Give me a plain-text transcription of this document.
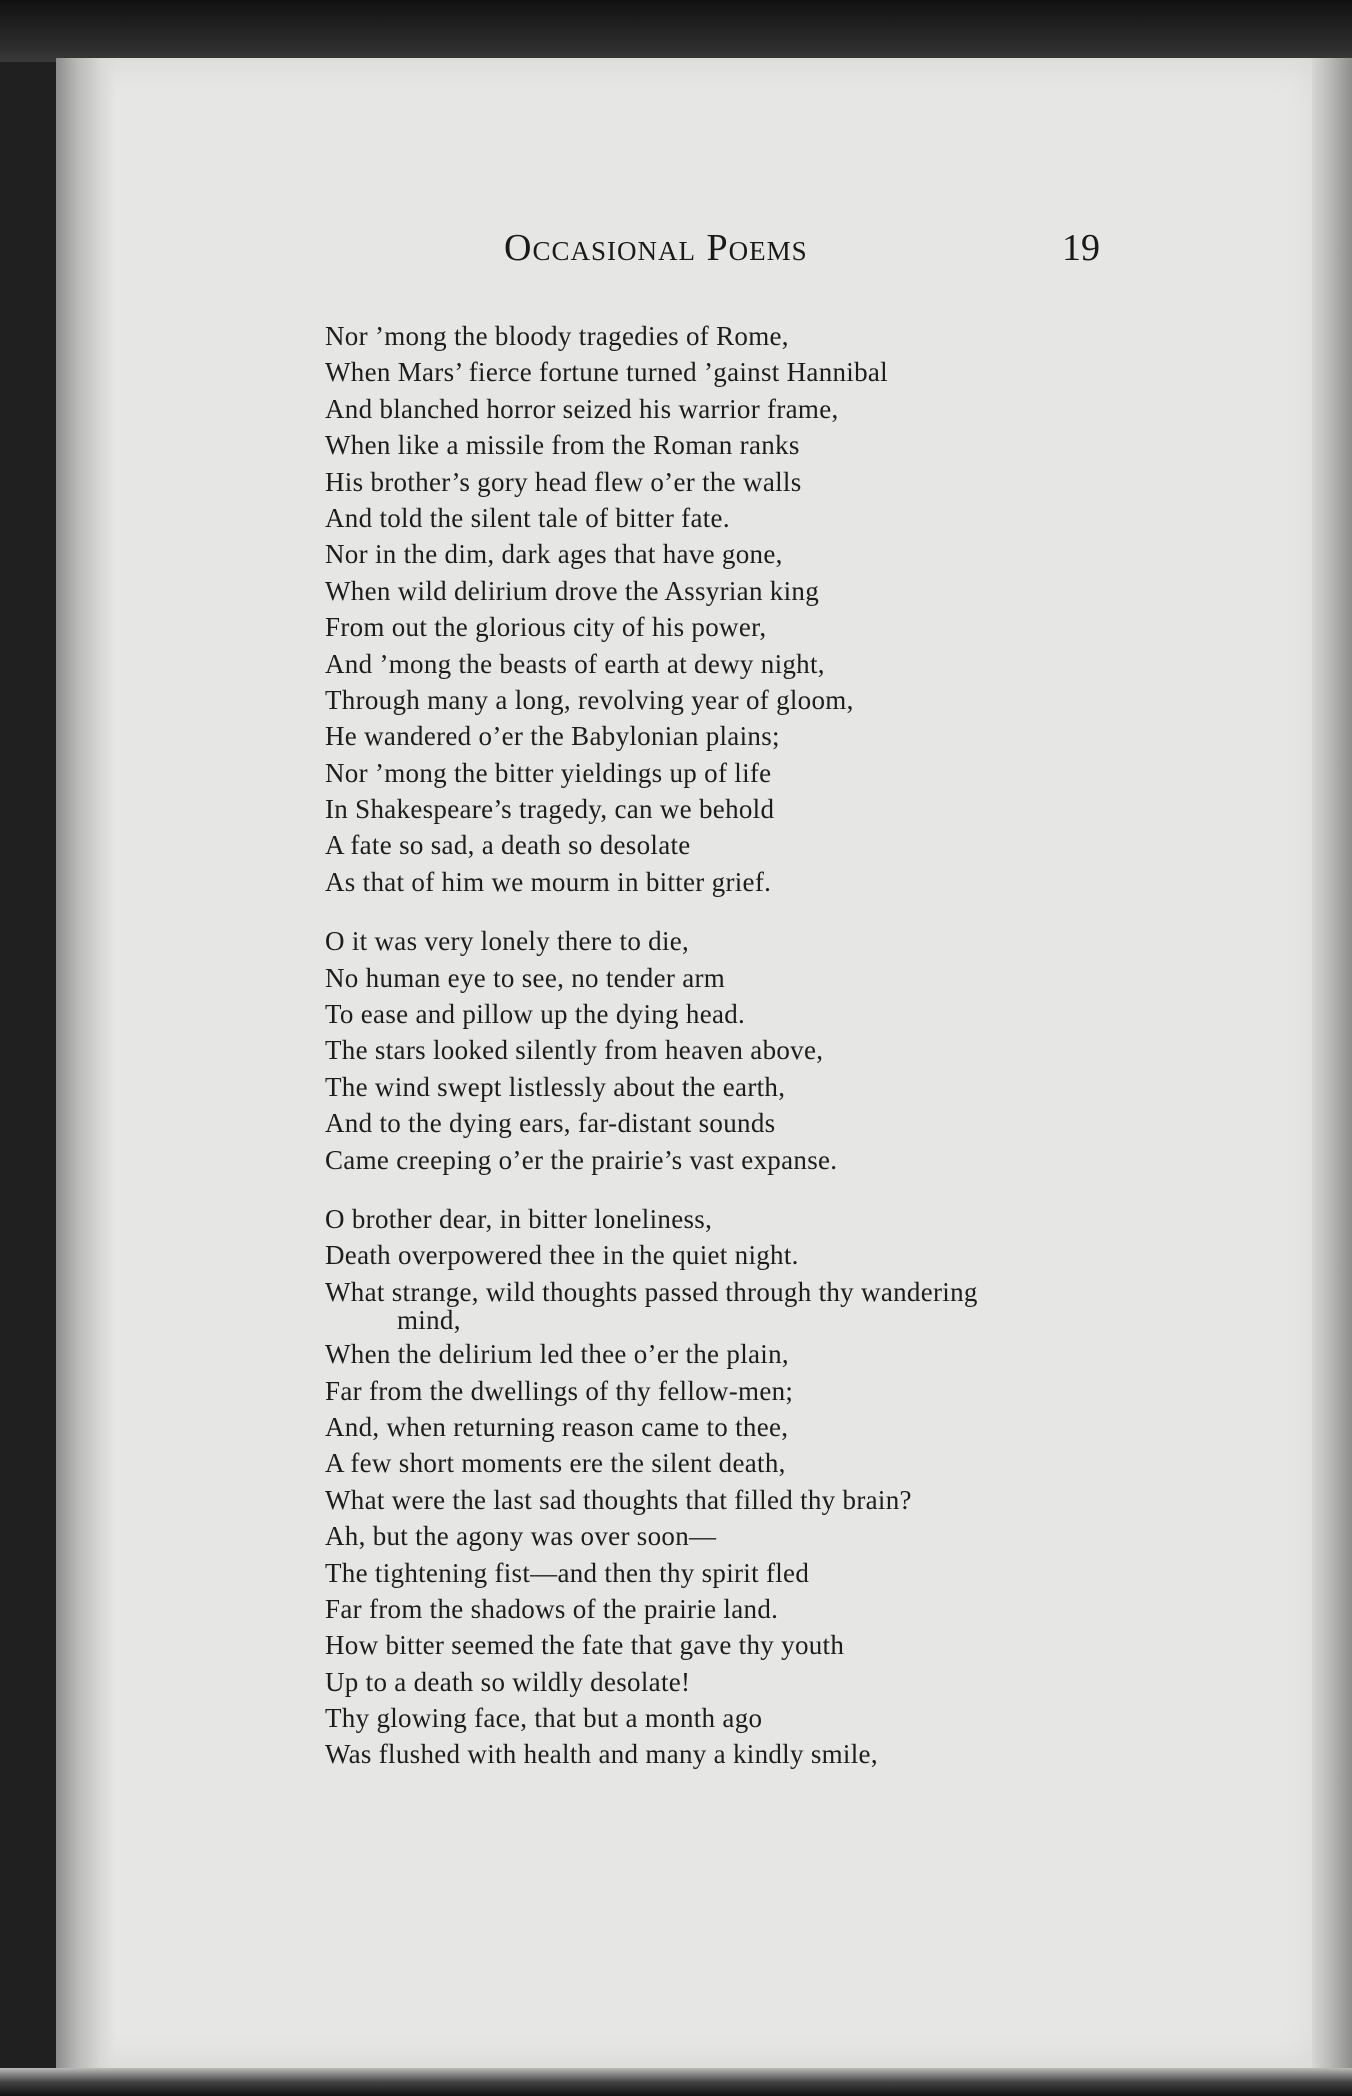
Occasional Poems	19
Nor ’mong the bloody tragedies of Rome,
When Mars’ fierce fortune turned ’gainst Hannibal
And blanched horror seized his warrior frame,
When like a missile from the Roman ranks
His brother’s gory head flew o’er the walls
And told the silent tale of bitter fate.
Nor in the dim, dark ages that have gone,
When wild delirium drove the Assyrian king
From out the glorious city of his power,
And ’mong the beasts of earth at dewy night,
Through many a long, revolving year of gloom,
He wandered o’er the Babylonian plains;
Nor ’mong the bitter yieldings up of life
In Shakespeare’s tragedy, can we behold
A fate so sad, a death so desolate
As that of him we mourm in bitter grief.
O it was very lonely there to die,
No human eye to see, no tender arm
To ease and pillow up the dying head.
The stars looked silently from heaven above,
The wind swept listlessly about the earth,
And to the dying ears, far-distant sounds
Came creeping o’er the prairie’s vast expanse.
O brother dear, in bitter loneliness,
Death overpowered thee in the quiet night.
What strange, wild thoughts passed through thy wandering
mind,
When the delirium led thee o’er the plain,
Far from the dwellings of thy fellow-men;
And, when returning reason came to thee,
A few short moments ere the silent death,
What were the last sad thoughts that filled thy brain?
Ah, but the agony was over soon—
The tightening fist—and then thy spirit fled
Far from the shadows of the prairie land.
How bitter seemed the fate that gave thy youth
Up to a death so wildly desolate!
Thy glowing face, that but a month ago
Was flushed with health and many a kindly smile,
